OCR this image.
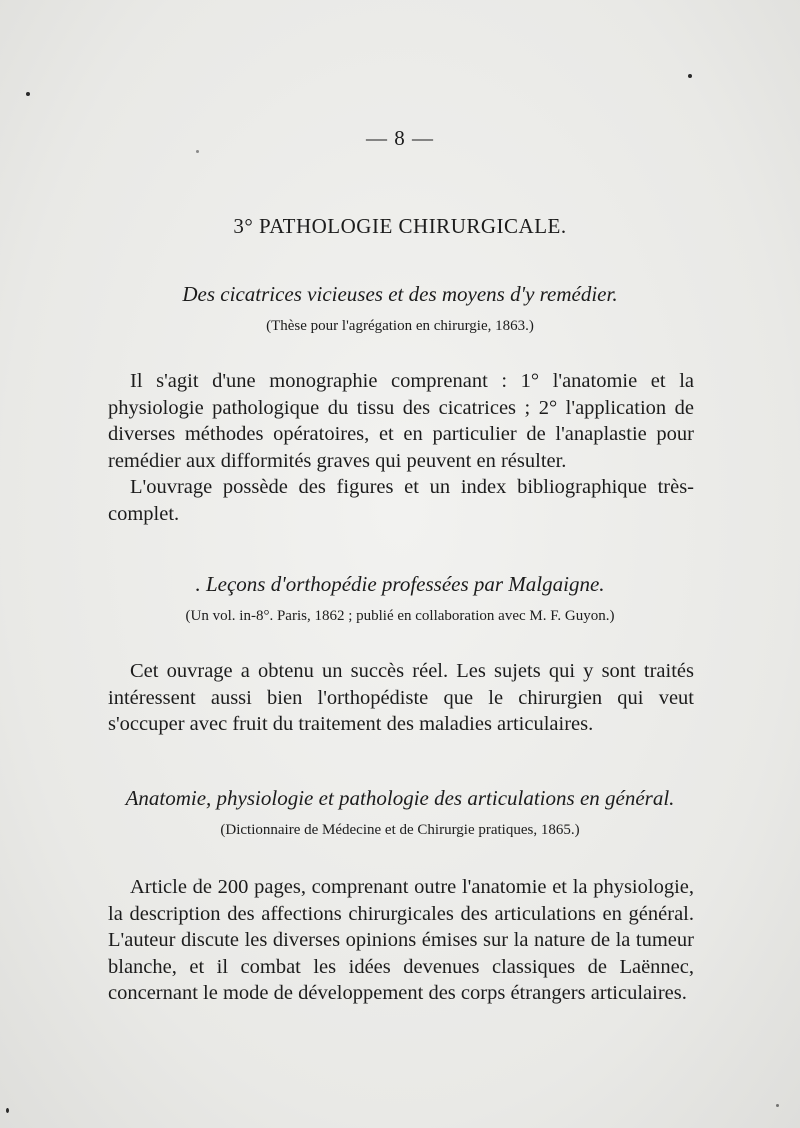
— 8 —
3° PATHOLOGIE CHIRURGICALE.
Des cicatrices vicieuses et des moyens d'y remédier.
(Thèse pour l'agrégation en chirurgie, 1863.)

Il s'agit d'une monographie comprenant : 1° l'anatomie et la physiologie pathologique du tissu des cicatrices ; 2° l'application de diverses méthodes opératoires, et en particulier de l'anaplastie pour remédier aux difformités graves qui peuvent en résulter.

L'ouvrage possède des figures et un index bibliographique très-complet.

. Leçons d'orthopédie professées par Malgaigne.
(Un vol. in-8°. Paris, 1862 ; publié en collaboration avec M. F. Guyon.)

Cet ouvrage a obtenu un succès réel. Les sujets qui y sont traités intéressent aussi bien l'orthopédiste que le chirurgien qui veut s'occuper avec fruit du traitement des maladies articulaires.

Anatomie, physiologie et pathologie des articulations en général.
(Dictionnaire de Médecine et de Chirurgie pratiques, 1865.)

Article de 200 pages, comprenant outre l'anatomie et la physiologie, la description des affections chirurgicales des articulations en général. L'auteur discute les diverses opinions émises sur la nature de la tumeur blanche, et il combat les idées devenues classiques de Laënnec, concernant le mode de développement des corps étrangers articulaires.
